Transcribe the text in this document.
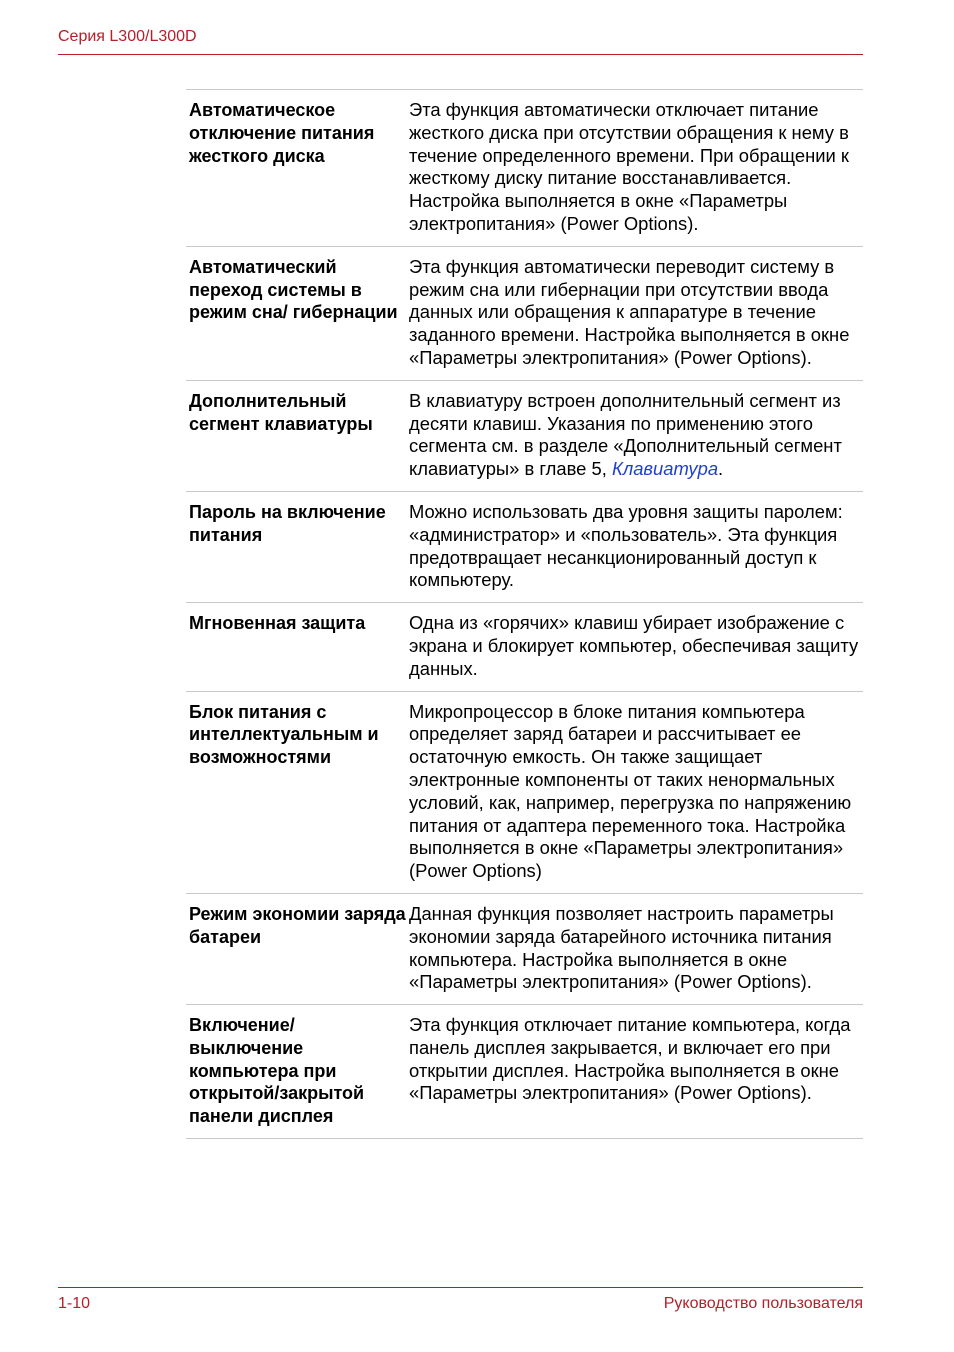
Серия L300/L300D
Автоматическое отключение питания жесткого диска
Эта функция автоматически отключает питание жесткого диска при отсутствии обращения к нему в течение определенного времени. При обращении к жесткому диску питание восстанавливается. Настройка выполняется в окне «Параметры электропитания» (Power Options).
Автоматический переход системы в режим сна/ гибернации
Эта функция автоматически переводит систему в режим сна или гибернации при отсутствии ввода данных или обращения к аппаратуре в течение заданного времени. Настройка выполняется в окне «Параметры электропитания» (Power Options).
Дополнительный сегмент клавиатуры
В клавиатуру встроен дополнительный сегмент из десяти клавиш. Указания по применению этого сегмента см. в разделе «Дополнительный сегмент клавиатуры» в главе 5, Клавиатура.
Пароль на включение питания
Можно использовать два уровня защиты паролем: «администратор» и «пользователь». Эта функция предотвращает несанкционированный доступ к компьютеру.
Мгновенная защита	Одна из «горячих» клавиш убирает изображение с экрана и блокирует компьютер, обеспечивая защиту данных.
Блок питания с интеллектуальным и возможностями
Микропроцессор в блоке питания компьютера определяет заряд батареи и рассчитывает ее остаточную емкость. Он также защищает электронные компоненты от таких ненормальных условий, как, например, перегрузка по напряжению питания от адаптера переменного тока. Настройка выполняется в окне «Параметры электропитания» (Power Options)
Режим экономии заряда батареи
Данная функция позволяет настроить параметры экономии заряда батарейного источника питания компьютера. Настройка выполняется в окне «Параметры электропитания» (Power Options).
Включение/ выключение компьютера при открытой/закрытой панели дисплея
Эта функция отключает питание компьютера, когда панель дисплея закрывается, и включает его при открытии дисплея. Настройка выполняется в окне «Параметры электропитания» (Power Options).
1-10	Руководство пользователя
